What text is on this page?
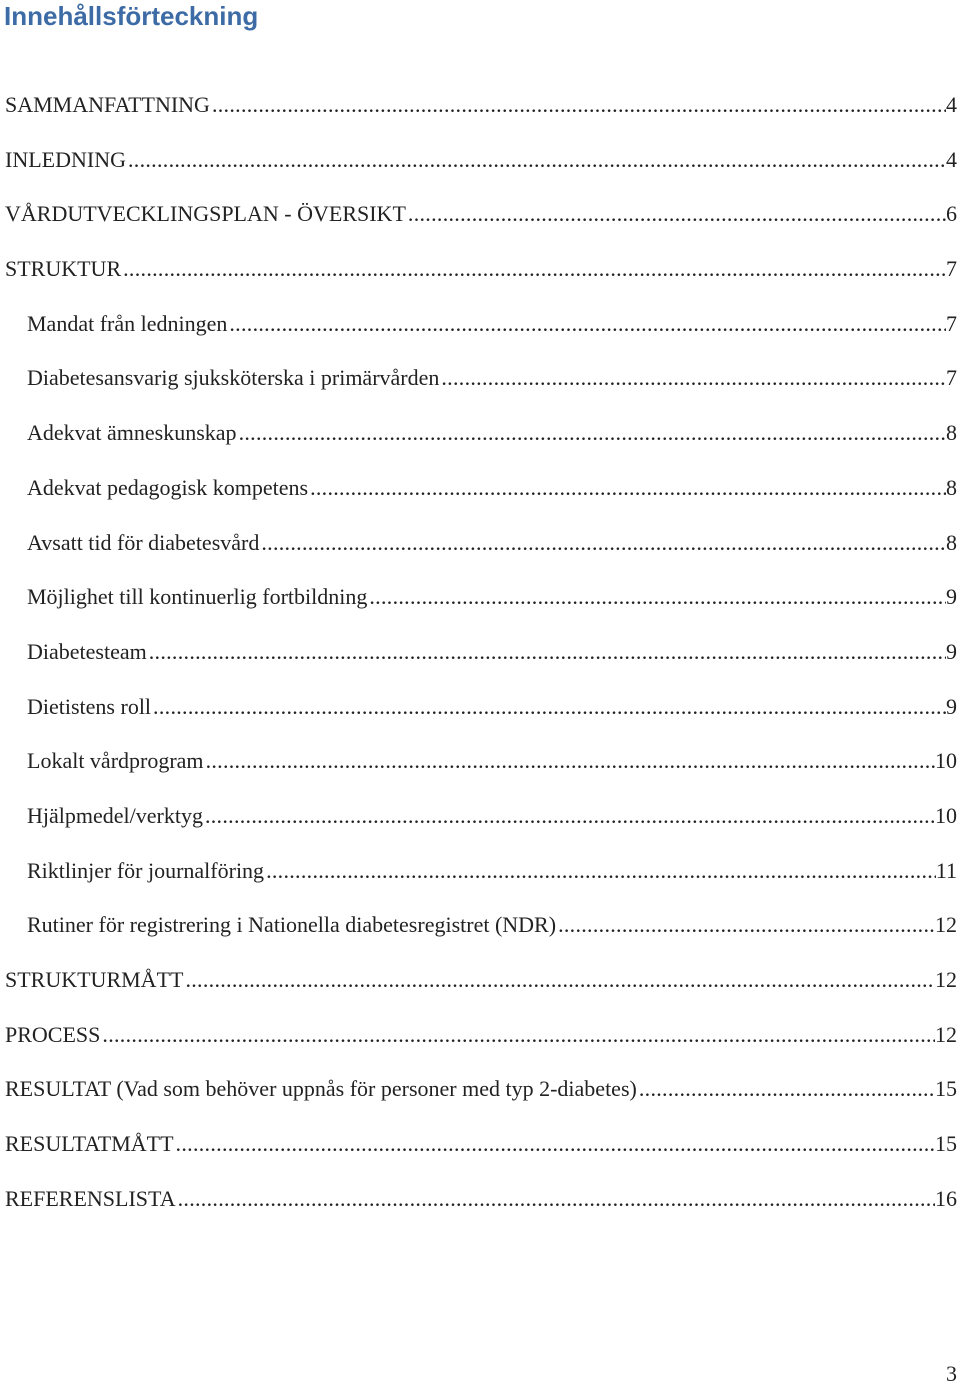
Innehållsförteckning
SAMMANFATTNING .....	4
INLEDNING .....	4
VÅRDUTVECKLINGSPLAN - ÖVERSIKT .....	6
STRUKTUR .....	7
Mandat från ledningen .....	7
Diabetesansvarig sjuksköterska i primärvården .....	7
Adekvat ämneskunskap .....	8
Adekvat pedagogisk kompetens .....	8
Avsatt tid för diabetesvård .....	8
Möjlighet till kontinuerlig fortbildning .....	9
Diabetesteam .....	9
Dietistens roll .....	9
Lokalt vårdprogram .....	10
Hjälpmedel/verktyg .....	10
Riktlinjer för journalföring .....	11
Rutiner för registrering i Nationella diabetesregistret (NDR) .....	12
STRUKTURMÅTT .....	12
PROCESS .....	12
RESULTAT (Vad som behöver uppnås för personer med typ 2-diabetes) .....	15
RESULTATMÅTT .....	15
REFERENSLISTA .....	16
3
